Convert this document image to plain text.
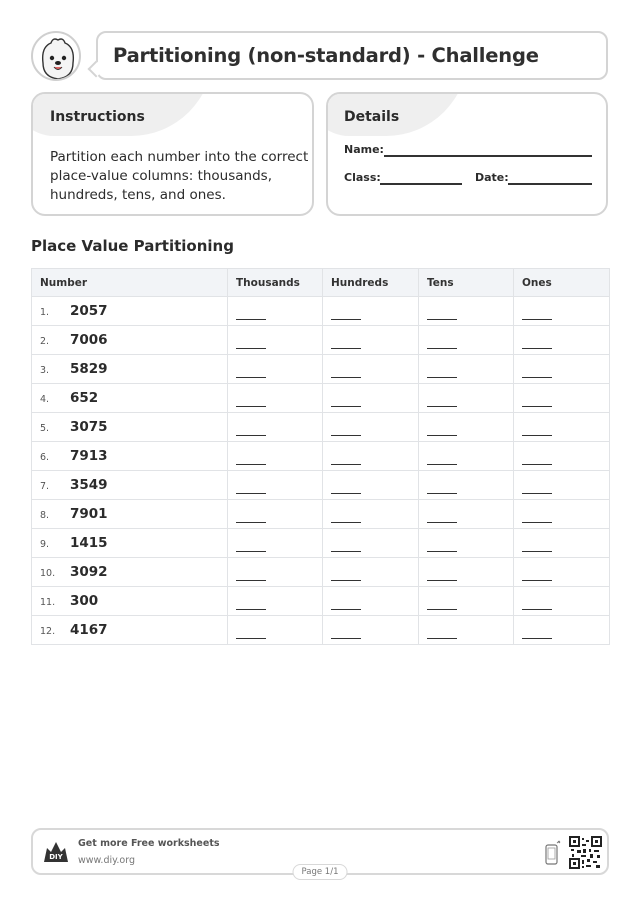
Partitioning (non-standard) - Challenge
Instructions
Partition each number into the correct place-value columns: thousands, hundreds, tens, and ones.
Details
Name:
Class:	Date:
Place Value Partitioning
Number	Thousands	Hundreds	Tens	Ones
1. 2057				
2. 7006				
3. 5829				
4. 652				
5. 3075				
6. 7913				
7. 3549				
8. 7901				
9. 1415				
10. 3092				
11. 300				
12. 4167				
DIY
Get more Free worksheets
www.diy.org
Page 1/1
